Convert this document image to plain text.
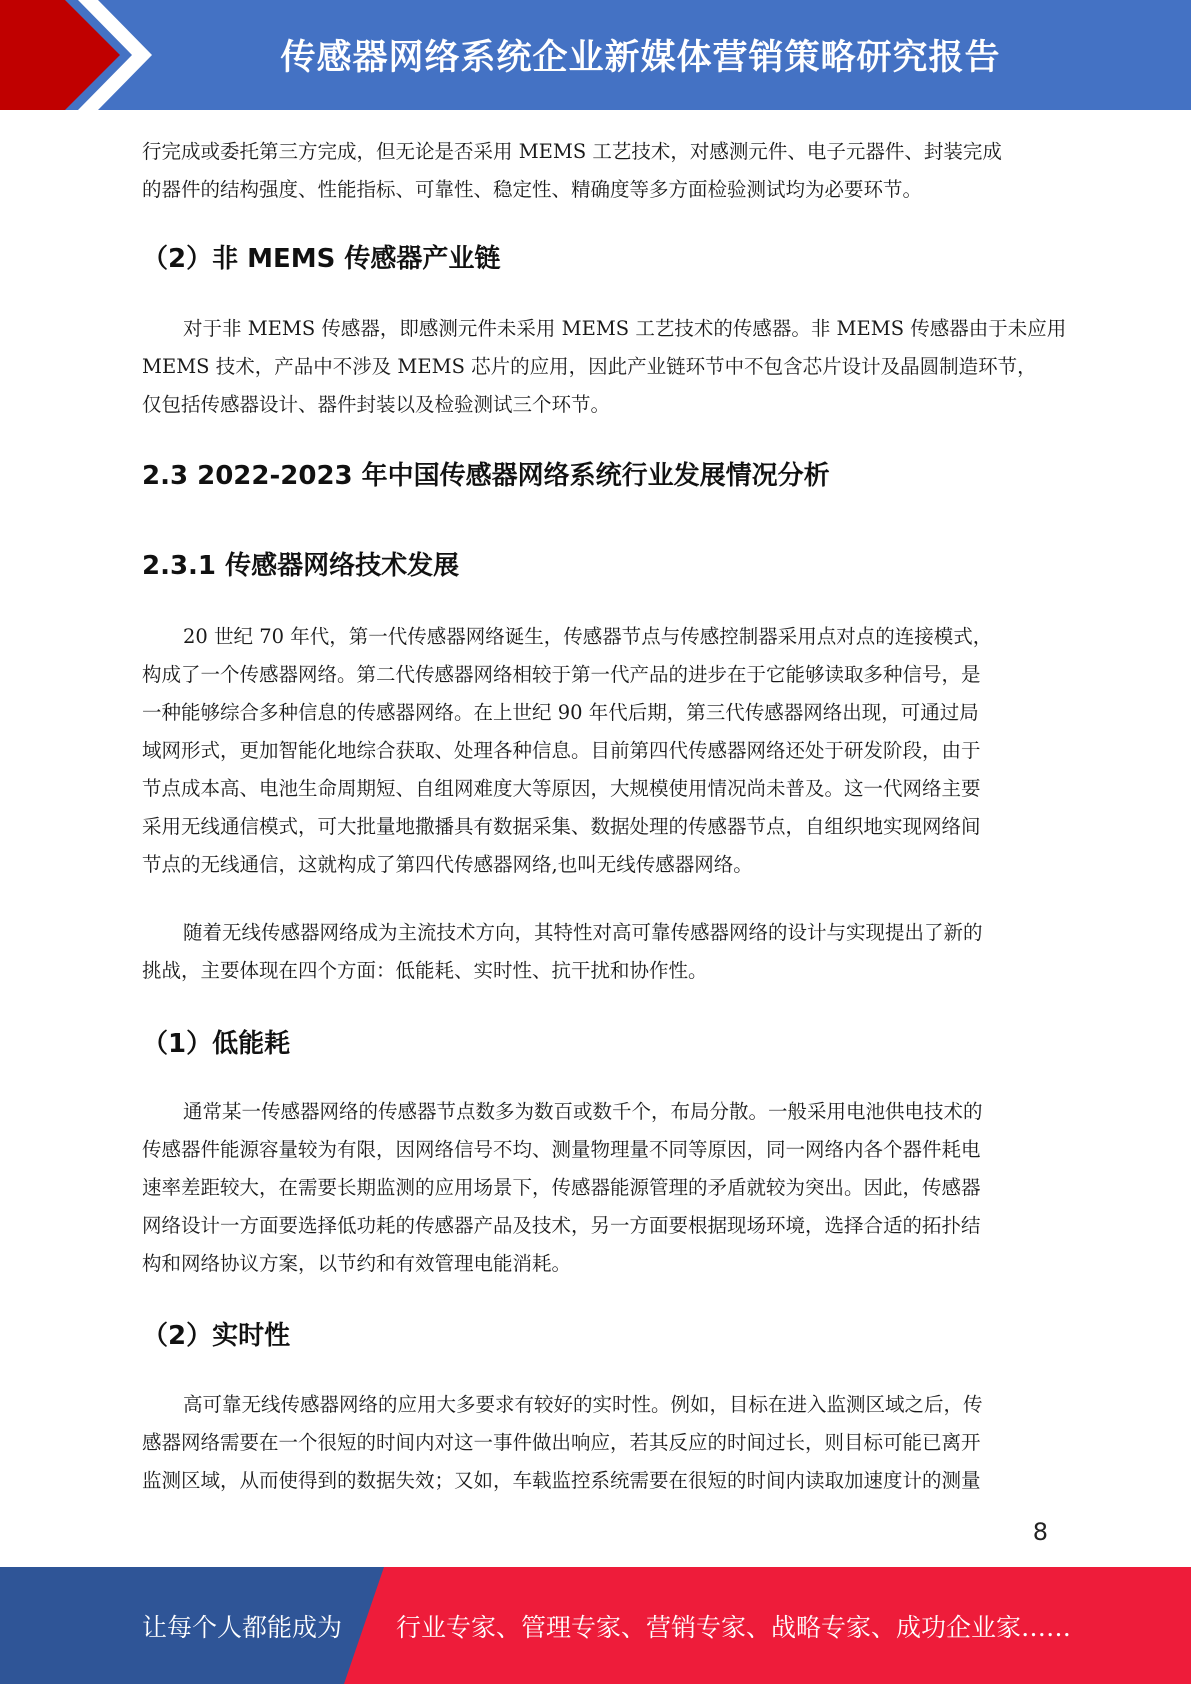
传感器网络系统企业新媒体营销策略研究报告
行完成或委托第三方完成，但无论是否采用 MEMS 工艺技术，对感测元件、电子元器件、封装完成
的器件的结构强度、性能指标、可靠性、稳定性、精确度等多方面检验测试均为必要环节。
（2）非 MEMS 传感器产业链
对于非 MEMS 传感器，即感测元件未采用 MEMS 工艺技术的传感器。非 MEMS 传感器由于未应用
MEMS 技术，产品中不涉及 MEMS 芯片的应用，因此产业链环节中不包含芯片设计及晶圆制造环节，
仅包括传感器设计、器件封装以及检验测试三个环节。
2.3 2022-2023 年中国传感器网络系统行业发展情况分析
2.3.1 传感器网络技术发展
20 世纪 70 年代，第一代传感器网络诞生，传感器节点与传感控制器采用点对点的连接模式，
构成了一个传感器网络。第二代传感器网络相较于第一代产品的进步在于它能够读取多种信号，是
一种能够综合多种信息的传感器网络。在上世纪 90 年代后期，第三代传感器网络出现，可通过局
域网形式，更加智能化地综合获取、处理各种信息。目前第四代传感器网络还处于研发阶段，由于
节点成本高、电池生命周期短、自组网难度大等原因，大规模使用情况尚未普及。这一代网络主要
采用无线通信模式，可大批量地撒播具有数据采集、数据处理的传感器节点，自组织地实现网络间
节点的无线通信，这就构成了第四代传感器网络,也叫无线传感器网络。
随着无线传感器网络成为主流技术方向，其特性对高可靠传感器网络的设计与实现提出了新的
挑战，主要体现在四个方面：低能耗、实时性、抗干扰和协作性。
（1）低能耗
通常某一传感器网络的传感器节点数多为数百或数千个，布局分散。一般采用电池供电技术的
传感器件能源容量较为有限，因网络信号不均、测量物理量不同等原因，同一网络内各个器件耗电
速率差距较大，在需要长期监测的应用场景下，传感器能源管理的矛盾就较为突出。因此，传感器
网络设计一方面要选择低功耗的传感器产品及技术，另一方面要根据现场环境，选择合适的拓扑结
构和网络协议方案，以节约和有效管理电能消耗。
（2）实时性
高可靠无线传感器网络的应用大多要求有较好的实时性。例如，目标在进入监测区域之后，传
感器网络需要在一个很短的时间内对这一事件做出响应，若其反应的时间过长，则目标可能已离开
监测区域，从而使得到的数据失效；又如，车载监控系统需要在很短的时间内读取加速度计的测量
8
让每个人都能成为 行业专家、管理专家、营销专家、战略专家、成功企业家……
